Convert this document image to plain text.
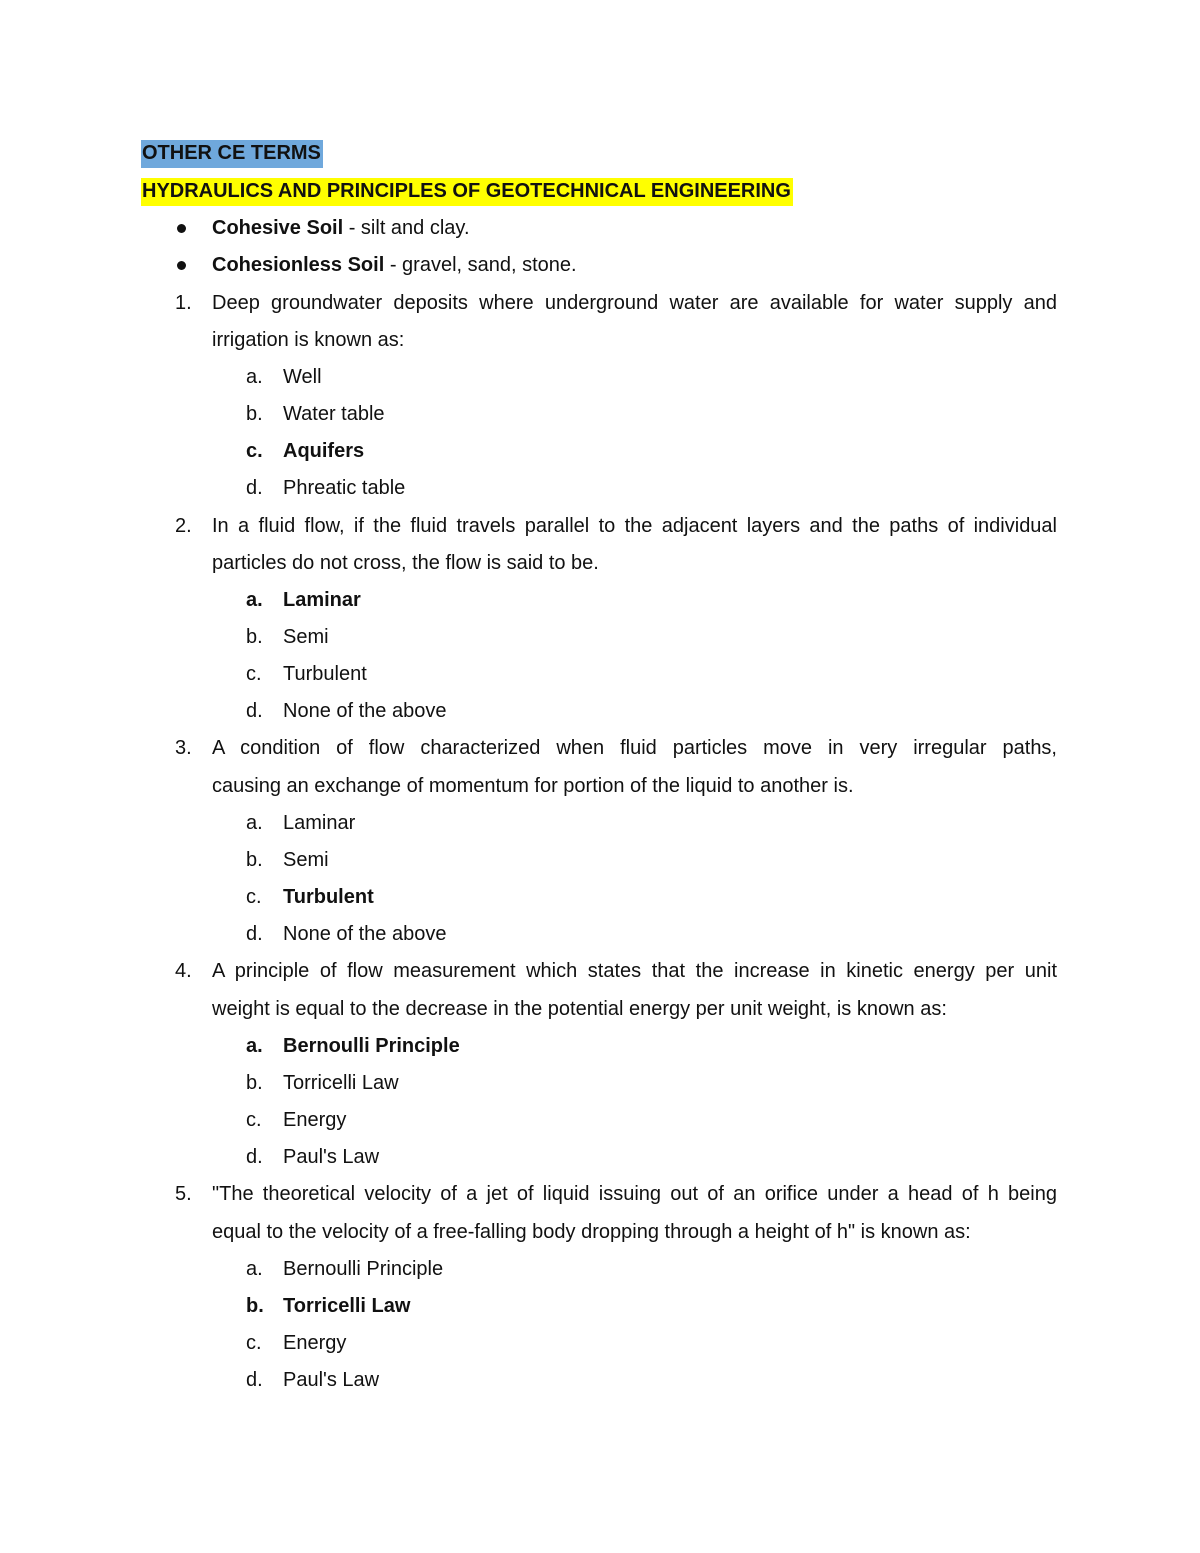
OTHER CE TERMS
HYDRAULICS AND PRINCIPLES OF GEOTECHNICAL ENGINEERING
Cohesive Soil - silt and clay.
Cohesionless Soil - gravel, sand, stone.
1. Deep groundwater deposits where underground water are available for water supply and
irrigation is known as:
a. Well
b. Water table
c. Aquifers
d. Phreatic table
2. In a fluid flow, if the fluid travels parallel to the adjacent layers and the paths of individual
particles do not cross, the flow is said to be.
a. Laminar
b. Semi
c. Turbulent
d. None of the above
3. A condition of flow characterized when fluid particles move in very irregular paths,
causing an exchange of momentum for portion of the liquid to another is.
a. Laminar
b. Semi
c. Turbulent
d. None of the above
4. A principle of flow measurement which states that the increase in kinetic energy per unit
weight is equal to the decrease in the potential energy per unit weight, is known as:
a. Bernoulli Principle
b. Torricelli Law
c. Energy
d. Paul's Law
5. "The theoretical velocity of a jet of liquid issuing out of an orifice under a head of h being
equal to the velocity of a free-falling body dropping through a height of h" is known as:
a. Bernoulli Principle
b. Torricelli Law
c. Energy
d. Paul's Law
